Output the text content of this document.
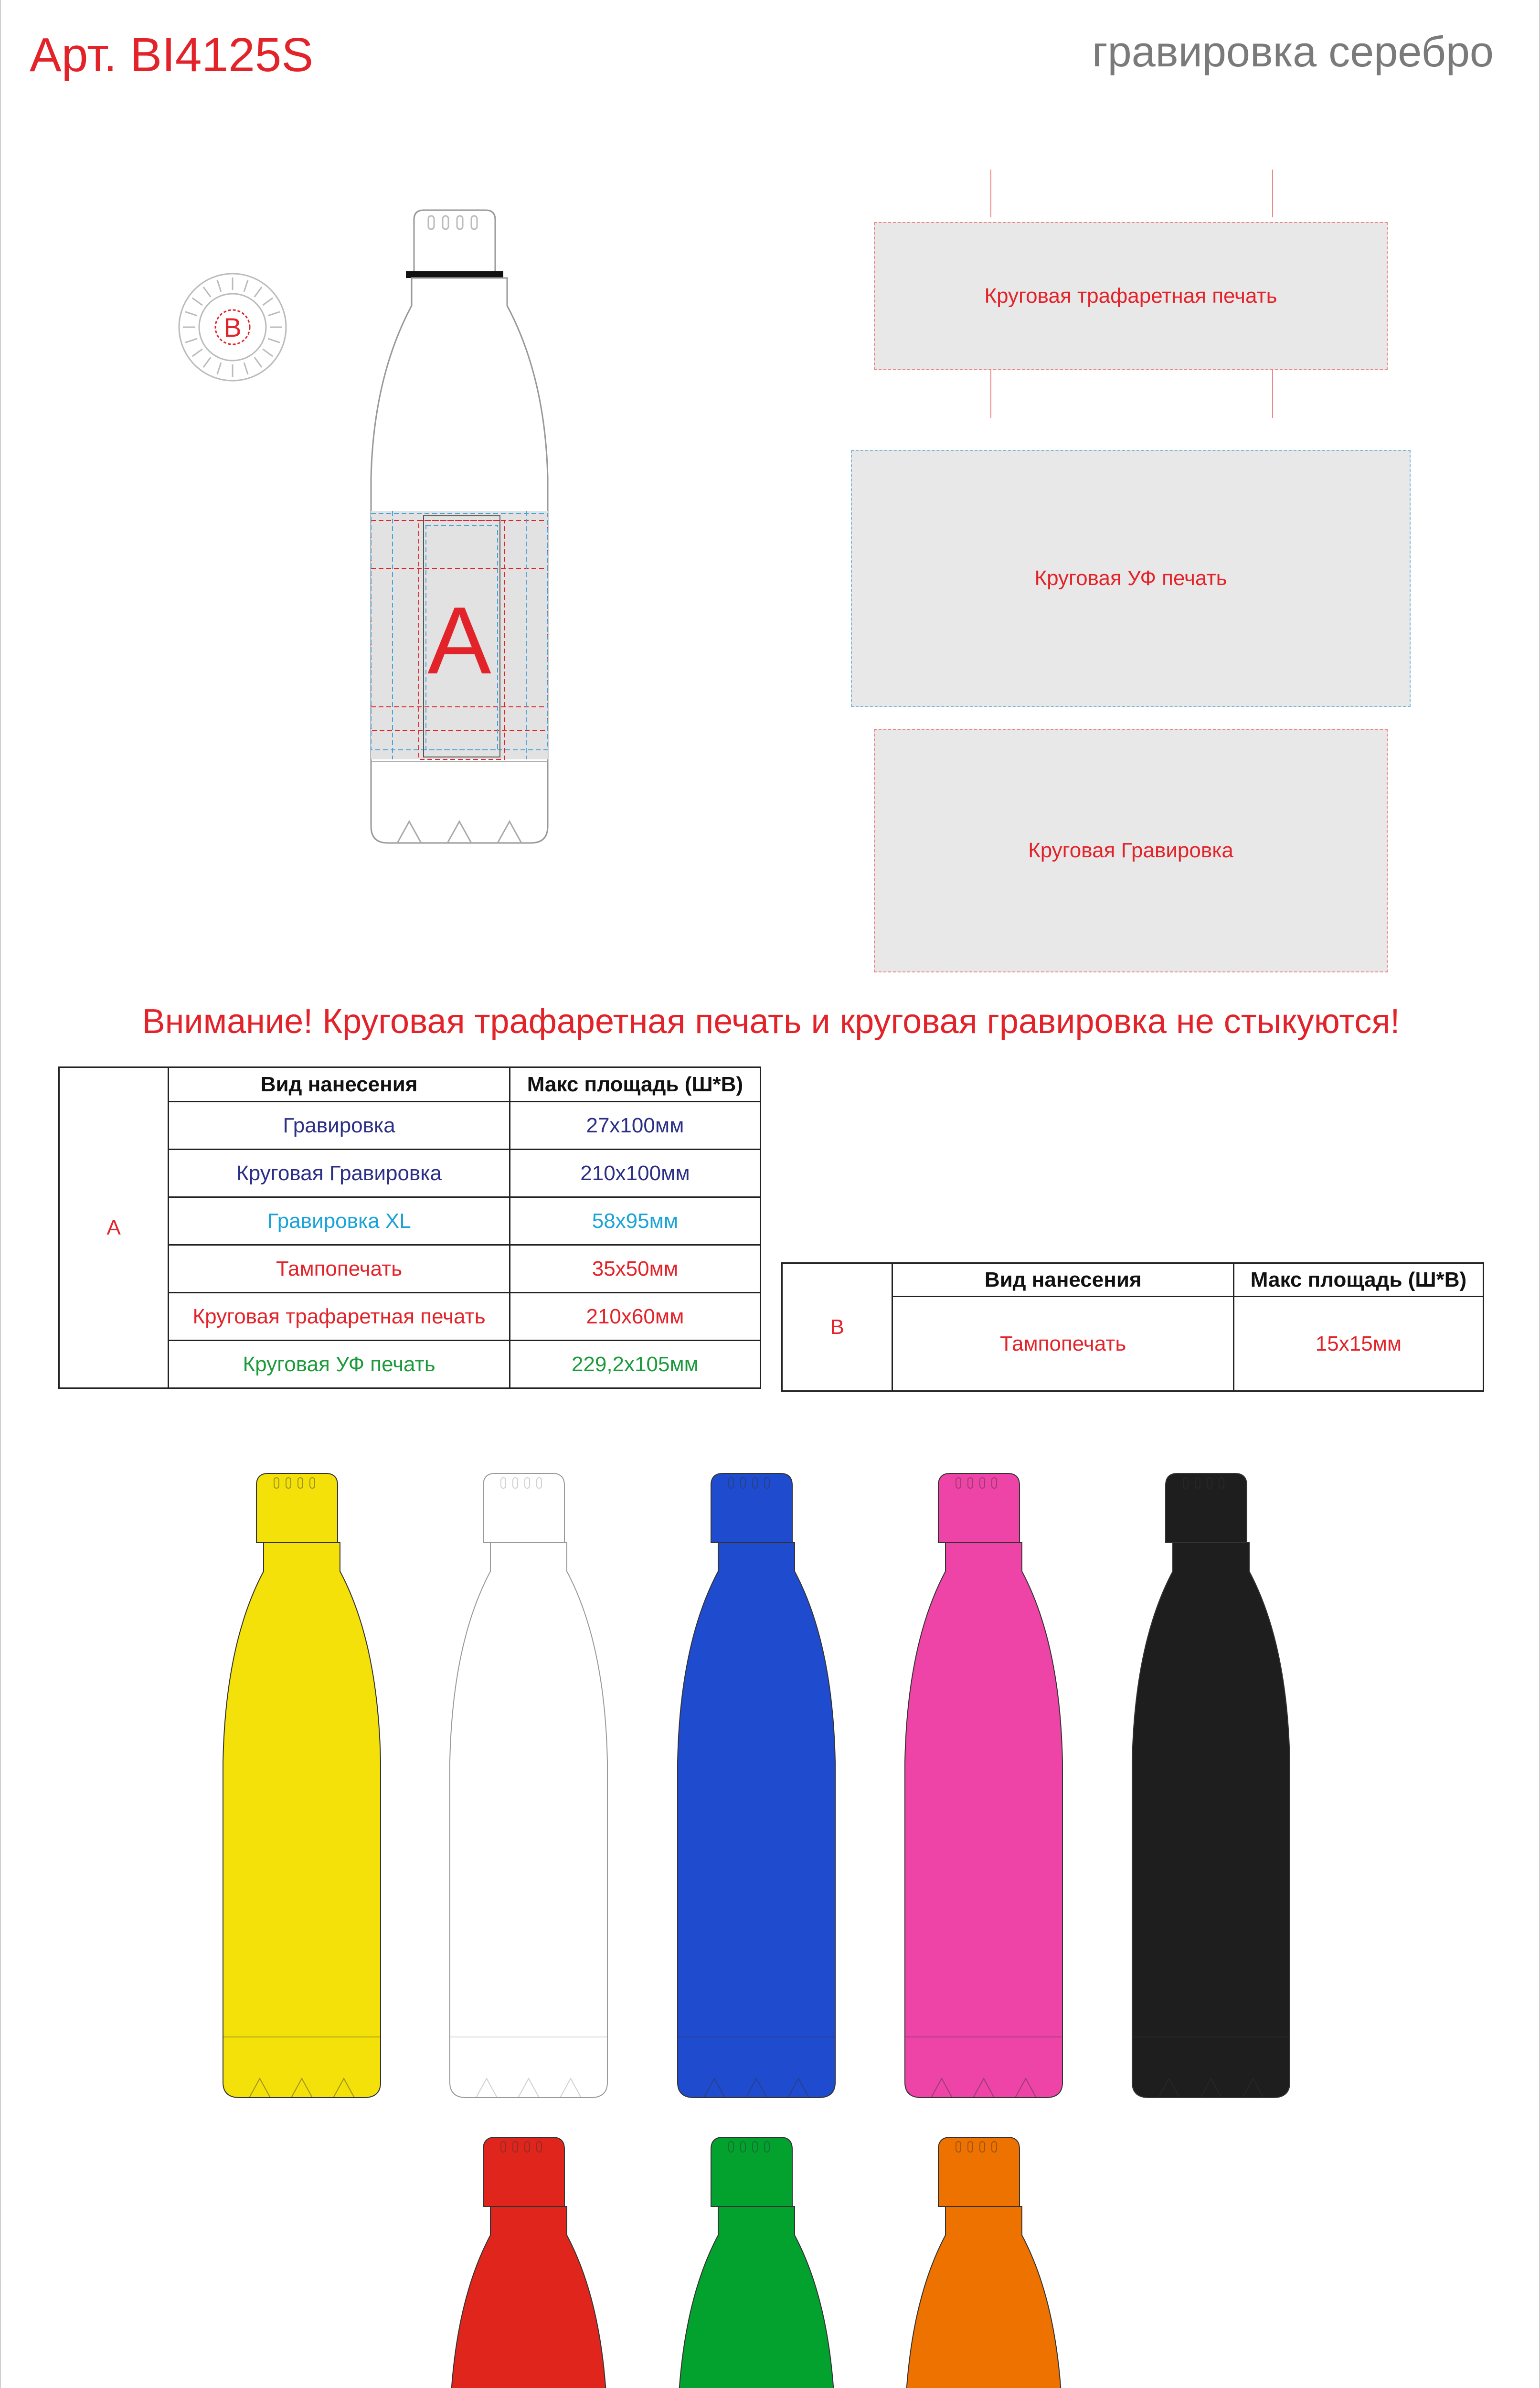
Арт. BI4125S	гравировка серебро
B
A
Круговая трафаретная печать
Круговая УФ печать
Круговая Гравировка
Внимание! Круговая трафаретная печать и круговая гравировка не стыкуются!
A	Вид нанесения	Макс площадь (Ш*В)
	Гравировка	27x100мм
	Круговая Гравировка	210x100мм
	Гравировка XL	58x95мм
	Тампопечать	35x50мм
	Круговая трафаретная печать	210x60мм
	Круговая УФ печать	229,2x105мм
B	Вид нанесения	Макс площадь (Ш*В)
	Тампопечать	15x15мм
